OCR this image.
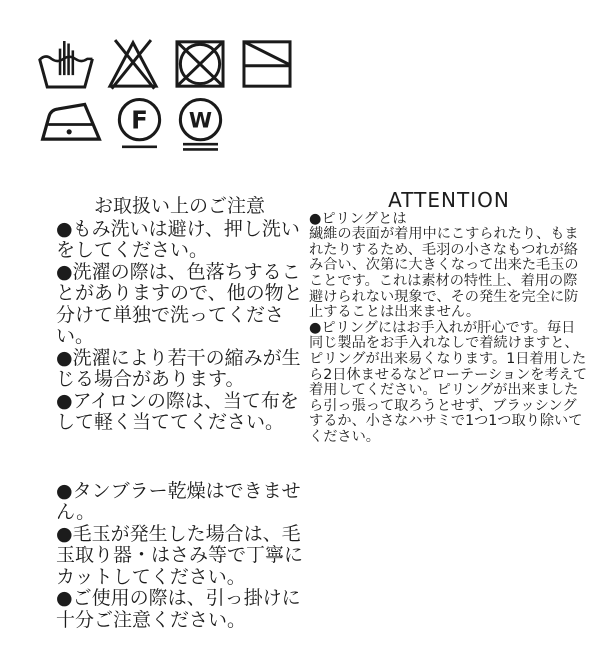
F W

お取扱い上のご注意

●もみ洗いは避け、押し洗いをしてください。

●洗濯の際は、色落ちすることがありますので、他の物と分けて単独で洗ってください。

●洗濯により若干の縮みが生じる場合があります。

●アイロンの際は、当て布をして軽く当ててください。

●タンブラー乾燥はできません。

●毛玉が発生した場合は、毛玉取り器・はさみ等で丁寧にカットしてください。

●ご使用の際は、引っ掛けに十分ご注意ください。

ATTENTION

●ピリングとは

繊維の表面が着用中にこすられたり、もまれたりするため、毛羽の小さなもつれが絡み合い、次第に大きくなって出来た毛玉のことです。これは素材の特性上、着用の際避けられない現象で、その発生を完全に防止することは出来ません。

●ピリングにはお手入れが肝心です。毎日同じ製品をお手入れなしで着続けますと、ピリングが出来易くなります。1日着用したら2日休ませるなどローテーションを考えて着用してください。ピリングが出来ましたら引っ張って取ろうとせず、ブラッシングするか、小さなハサミで1つ1つ取り除いてください。
